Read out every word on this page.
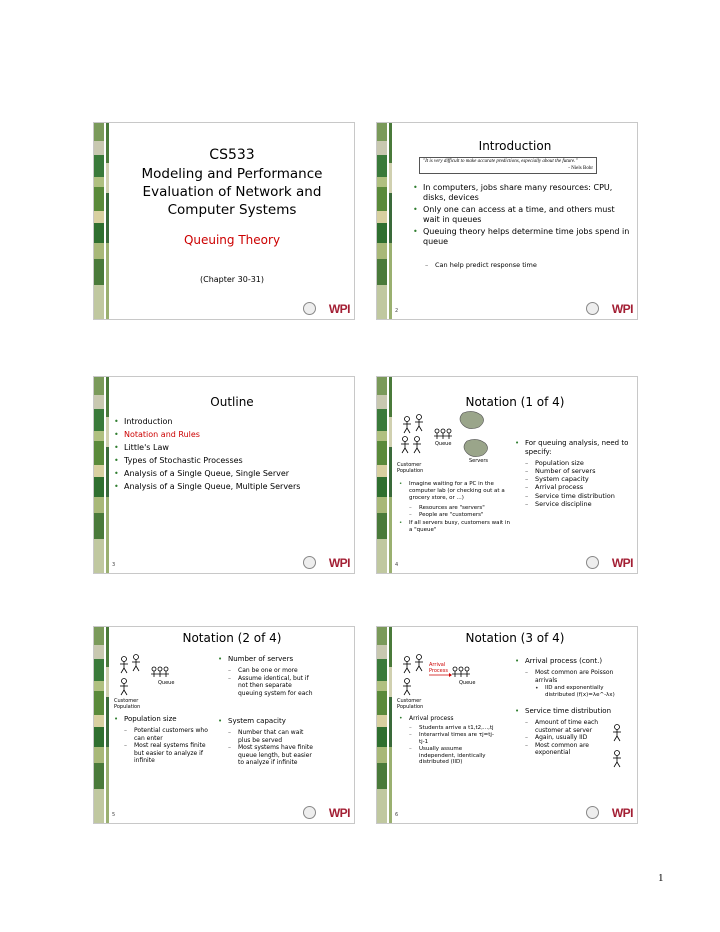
CS533
Modeling and Performance Evaluation of Network and Computer Systems
Queuing Theory
(Chapter 30-31)
WPI
Introduction
"It is very difficult to make accurate predictions, especially about the future."
- Niels Bohr
• In computers, jobs share many resources: CPU, disks, devices
• Only one can access at a time, and others must wait in queues
• Queuing theory helps determine time jobs spend in queue
– Can help predict response time
2	WPI
Outline
• Introduction
• Notation and Rules
• Little's Law
• Types of Stochastic Processes
• Analysis of a Single Queue, Single Server
• Analysis of a Single Queue, Multiple Servers
3	WPI
Notation (1 of 4)
Queue
Servers
Customer Population
• Imagine waiting for a PC in the computer lab (or checking out at a grocery store, or ...)
– Resources are "servers"
– People are "customers"
• If all servers busy, customers wait in a "queue"
• For queuing analysis, need to specify:
– Population size
– Number of servers
– System capacity
– Arrival process
– Service time distribution
– Service discipline
4	WPI
Notation (2 of 4)
Queue
Customer Population
• Number of servers
– Can be one or more
– Assume identical, but if not then separate queuing system for each
• Population size
– Potential customers who can enter
– Most real systems finite but easier to analyze if infinite
• System capacity
– Number that can wait plus be served
– Most systems have finite queue length, but easier to analyze if infinite
5	WPI
Notation (3 of 4)
Arrival Process
Queue
Customer Population
• Arrival process (cont.)
– Most common are Poisson arrivals
• IID and exponentially distributed (f(x)=λe^-λx)
• Arrival process
– Students arrive a t1,t2,...,tj
– Interarrival times are τj=tj-tj-1
– Usually assume independent, identically distributed (IID)
• Service time distribution
– Amount of time each customer at server
– Again, usually IID
– Most common are exponential
6	WPI
1
